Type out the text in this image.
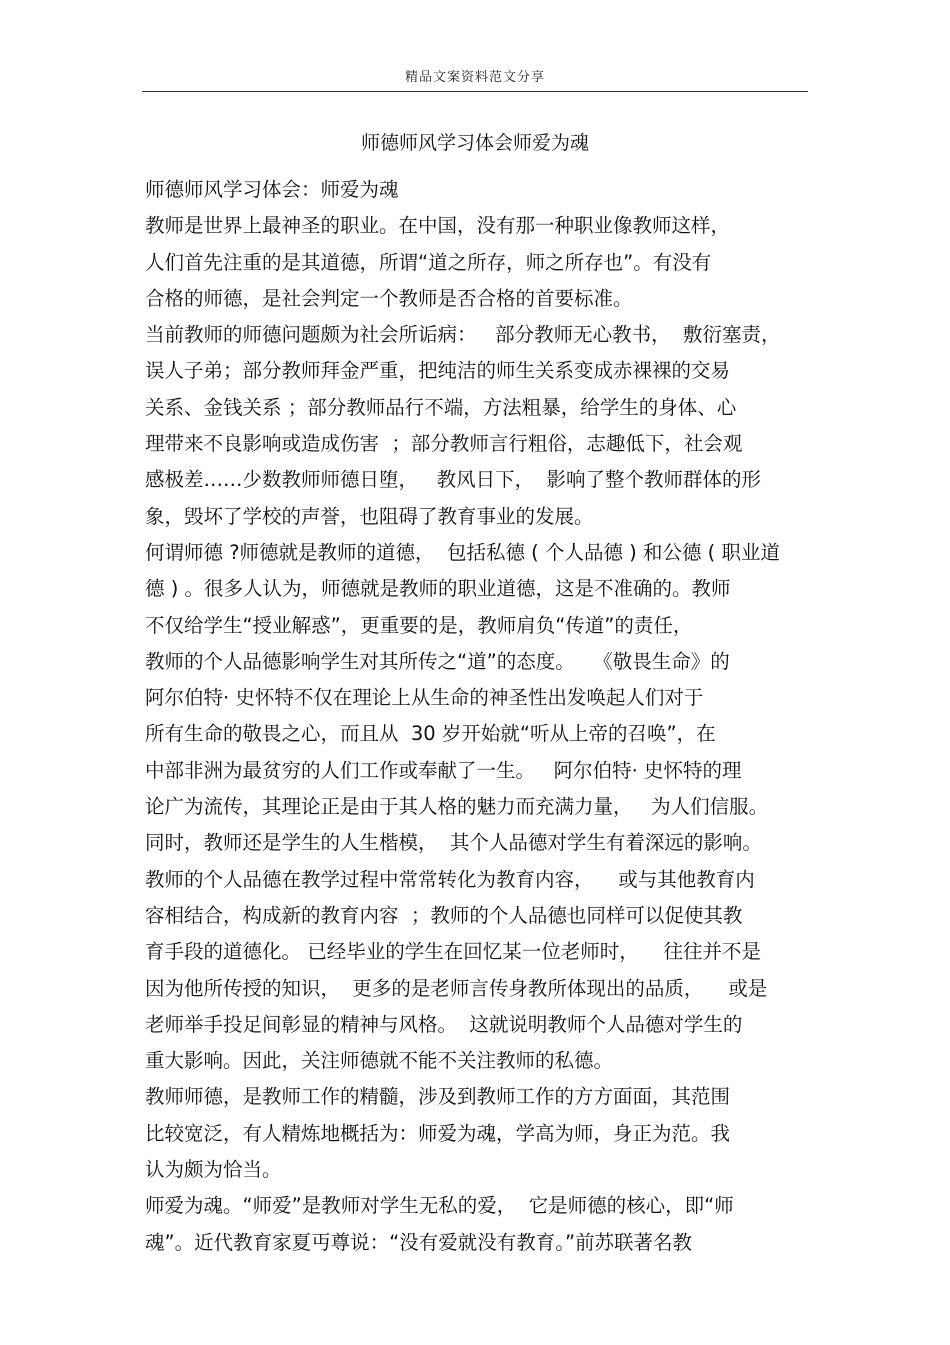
精品文案资料范文分享
师德师风学习体会师爱为魂
师德师风学习体会：师爱为魂
教师是世界上最神圣的职业。在中国，没有那一种职业像教师这样，
人们首先注重的是其道德，所谓“道之所存，师之所存也”。有没有
合格的师德，是社会判定一个教师是否合格的首要标准。
当前教师的师德问题颇为社会所诟病：   部分教师无心教书，  敷衍塞责，
误人子弟；部分教师拜金严重，把纯洁的师生关系变成赤裸裸的交易
关系、金钱关系 ；部分教师品行不端，方法粗暴，给学生的身体、心
理带来不良影响或造成伤害  ；部分教师言行粗俗，志趣低下，社会观
感极差……少数教师师德日堕，   教风日下，  影响了整个教师群体的形
象，毁坏了学校的声誉，也阻碍了教育事业的发展。
何谓师德 ?师德就是教师的道德，  包括私德 ( 个人品德 ) 和公德 ( 职业道
德 ) 。很多人认为，师德就是教师的职业道德，这是不准确的。教师
不仅给学生“授业解惑”，更重要的是，教师肩负“传道”的责任，
教师的个人品德影响学生对其所传之“道”的态度。   《敬畏生命》的
阿尔伯特· 史怀特不仅在理论上从生命的神圣性出发唤起人们对于
所有生命的敬畏之心，而且从  30 岁开始就“听从上帝的召唤”，在
中部非洲为最贫穷的人们工作或奉献了一生。   阿尔伯特· 史怀特的理
论广为流传，其理论正是由于其人格的魅力而充满力量，   为人们信服。
同时，教师还是学生的人生楷模，  其个人品德对学生有着深远的影响。
教师的个人品德在教学过程中常常转化为教育内容，    或与其他教育内
容相结合，构成新的教育内容  ；教师的个人品德也同样可以促使其教
育手段的道德化。 已经毕业的学生在回忆某一位老师时，    往往并不是
因为他所传授的知识，  更多的是老师言传身教所体现出的品质，    或是
老师举手投足间彰显的精神与风格。  这就说明教师个人品德对学生的
重大影响。因此，关注师德就不能不关注教师的私德。
教师师德，是教师工作的精髓，涉及到教师工作的方方面面，其范围
比较宽泛，有人精炼地概括为：师爱为魂，学高为师，身正为范。我
认为颇为恰当。
师爱为魂。“师爱”是教师对学生无私的爱，  它是师德的核心，即“师
魂”。近代教育家夏丏尊说：“没有爱就没有教育。”前苏联著名教
